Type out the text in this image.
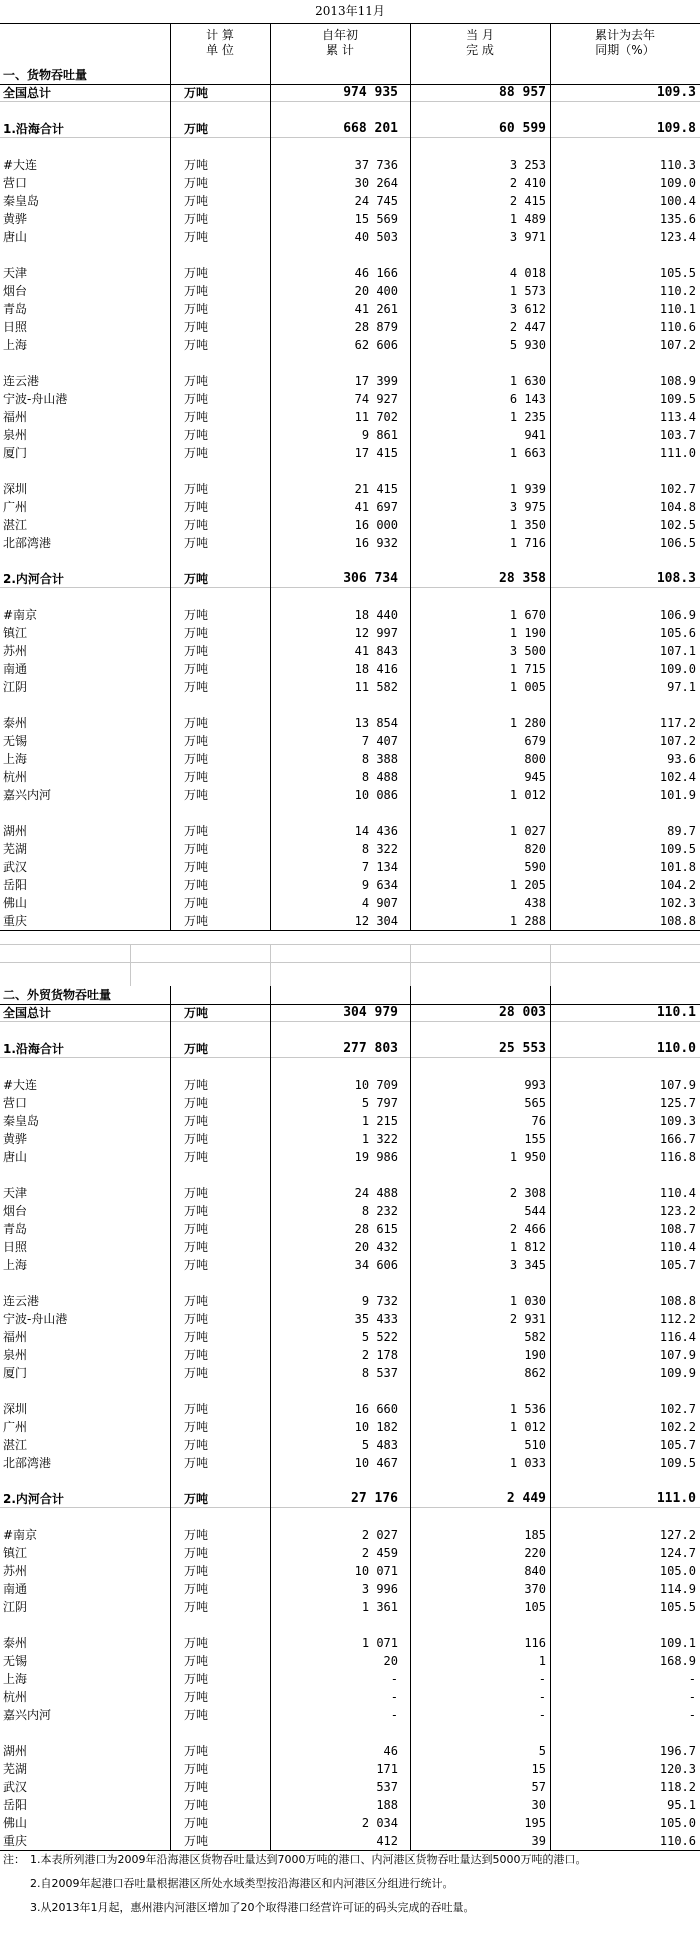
2013年11月
计 算
单 位
自年初
累 计
当 月
完 成
累计为去年
同期（%）
一、货物吞吐量
全国总计	万吨	974 935	88 957	109.3
1.沿海合计	万吨	668 201	60 599	109.8
#大连	万吨	37 736	3 253	110.3
营口	万吨	30 264	2 410	109.0
秦皇岛	万吨	24 745	2 415	100.4
黄骅	万吨	15 569	1 489	135.6
唐山	万吨	40 503	3 971	123.4
天津	万吨	46 166	4 018	105.5
烟台	万吨	20 400	1 573	110.2
青岛	万吨	41 261	3 612	110.1
日照	万吨	28 879	2 447	110.6
上海	万吨	62 606	5 930	107.2
连云港	万吨	17 399	1 630	108.9
宁波-舟山港	万吨	74 927	6 143	109.5
福州	万吨	11 702	1 235	113.4
泉州	万吨	9 861	941	103.7
厦门	万吨	17 415	1 663	111.0
深圳	万吨	21 415	1 939	102.7
广州	万吨	41 697	3 975	104.8
湛江	万吨	16 000	1 350	102.5
北部湾港	万吨	16 932	1 716	106.5
2.内河合计	万吨	306 734	28 358	108.3
#南京	万吨	18 440	1 670	106.9
镇江	万吨	12 997	1 190	105.6
苏州	万吨	41 843	3 500	107.1
南通	万吨	18 416	1 715	109.0
江阴	万吨	11 582	1 005	97.1
泰州	万吨	13 854	1 280	117.2
无锡	万吨	7 407	679	107.2
上海	万吨	8 388	800	93.6
杭州	万吨	8 488	945	102.4
嘉兴内河	万吨	10 086	1 012	101.9
湖州	万吨	14 436	1 027	89.7
芜湖	万吨	8 322	820	109.5
武汉	万吨	7 134	590	101.8
岳阳	万吨	9 634	1 205	104.2
佛山	万吨	4 907	438	102.3
重庆	万吨	12 304	1 288	108.8
二、外贸货物吞吐量
全国总计	万吨	304 979	28 003	110.1
1.沿海合计	万吨	277 803	25 553	110.0
#大连	万吨	10 709	993	107.9
营口	万吨	5 797	565	125.7
秦皇岛	万吨	1 215	76	109.3
黄骅	万吨	1 322	155	166.7
唐山	万吨	19 986	1 950	116.8
天津	万吨	24 488	2 308	110.4
烟台	万吨	8 232	544	123.2
青岛	万吨	28 615	2 466	108.7
日照	万吨	20 432	1 812	110.4
上海	万吨	34 606	3 345	105.7
连云港	万吨	9 732	1 030	108.8
宁波-舟山港	万吨	35 433	2 931	112.2
福州	万吨	5 522	582	116.4
泉州	万吨	2 178	190	107.9
厦门	万吨	8 537	862	109.9
深圳	万吨	16 660	1 536	102.7
广州	万吨	10 182	1 012	102.2
湛江	万吨	5 483	510	105.7
北部湾港	万吨	10 467	1 033	109.5
2.内河合计	万吨	27 176	2 449	111.0
#南京	万吨	2 027	185	127.2
镇江	万吨	2 459	220	124.7
苏州	万吨	10 071	840	105.0
南通	万吨	3 996	370	114.9
江阴	万吨	1 361	105	105.5
泰州	万吨	1 071	116	109.1
无锡	万吨	20	1	168.9
上海	万吨	-	-	-
杭州	万吨	-	-	-
嘉兴内河	万吨	-	-	-
湖州	万吨	46	5	196.7
芜湖	万吨	171	15	120.3
武汉	万吨	537	57	118.2
岳阳	万吨	188	30	95.1
佛山	万吨	2 034	195	105.0
重庆	万吨	412	39	110.6
注： 1.本表所列港口为2009年沿海港区货物吞吐量达到7000万吨的港口、内河港区货物吞吐量达到5000万吨的港口。
2.自2009年起港口吞吐量根据港区所处水域类型按沿海港区和内河港区分组进行统计。
3.从2013年1月起，惠州港内河港区增加了20个取得港口经营许可证的码头完成的吞吐量。
